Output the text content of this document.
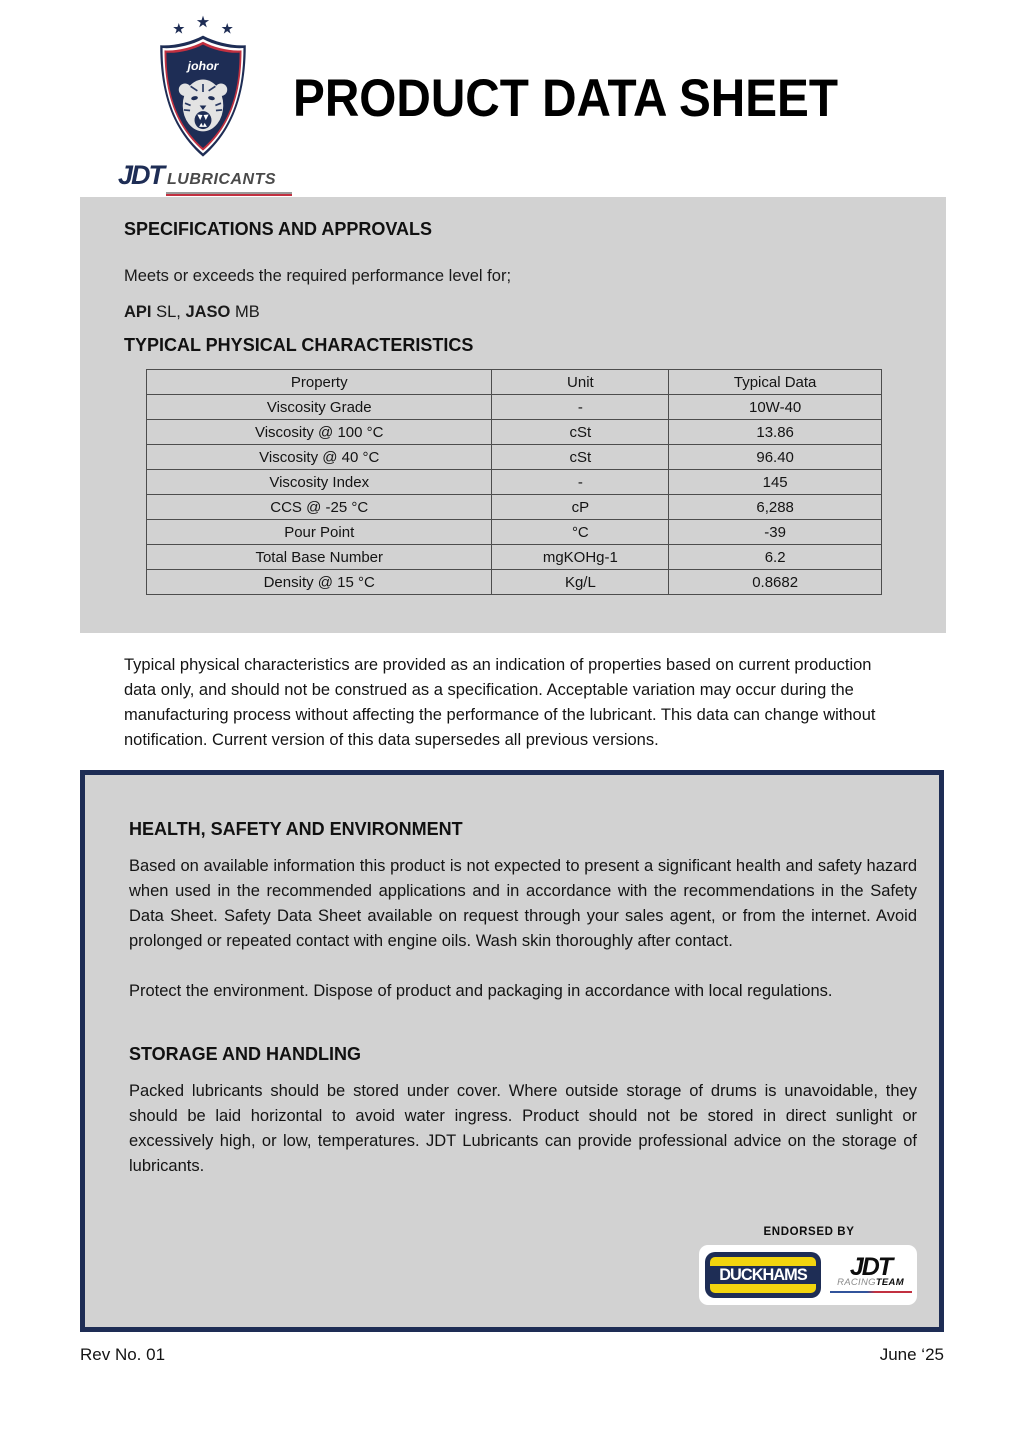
johor
JDT LUBRICANTS
PRODUCT DATA SHEET
SPECIFICATIONS AND APPROVALS
Meets or exceeds the required performance level for;
API SL, JASO MB
TYPICAL PHYSICAL CHARACTERISTICS
Property	Unit	Typical Data
Viscosity Grade	-	10W-40
Viscosity @ 100 °C	cSt	13.86
Viscosity @ 40 °C	cSt	96.40
Viscosity Index	-	145
CCS @ -25 °C	cP	6,288
Pour Point	°C	-39
Total Base Number	mgKOHg-1	6.2
Density @ 15 °C	Kg/L	0.8682

Typical physical characteristics are provided as an indication of properties based on current production data only, and should not be construed as a specification. Acceptable variation may occur during the manufacturing process without affecting the performance of the lubricant. This data can change without notification. Current version of this data supersedes all previous versions.

HEALTH, SAFETY AND ENVIRONMENT

Based on available information this product is not expected to present a significant health and safety hazard when used in the recommended applications and in accordance with the recommendations in the Safety Data Sheet. Safety Data Sheet available on request through your sales agent, or from the internet. Avoid prolonged or repeated contact with engine oils. Wash skin thoroughly after contact.

Protect the environment. Dispose of product and packaging in accordance with local regulations.

STORAGE AND HANDLING

Packed lubricants should be stored under cover. Where outside storage of drums is unavoidable, they should be laid horizontal to avoid water ingress. Product should not be stored in direct sunlight or excessively high, or low, temperatures. JDT Lubricants can provide professional advice on the storage of lubricants.

ENDORSED BY
DUCKHAMS	JDT
RACINGTEAM
Rev No. 01	June ‘25
